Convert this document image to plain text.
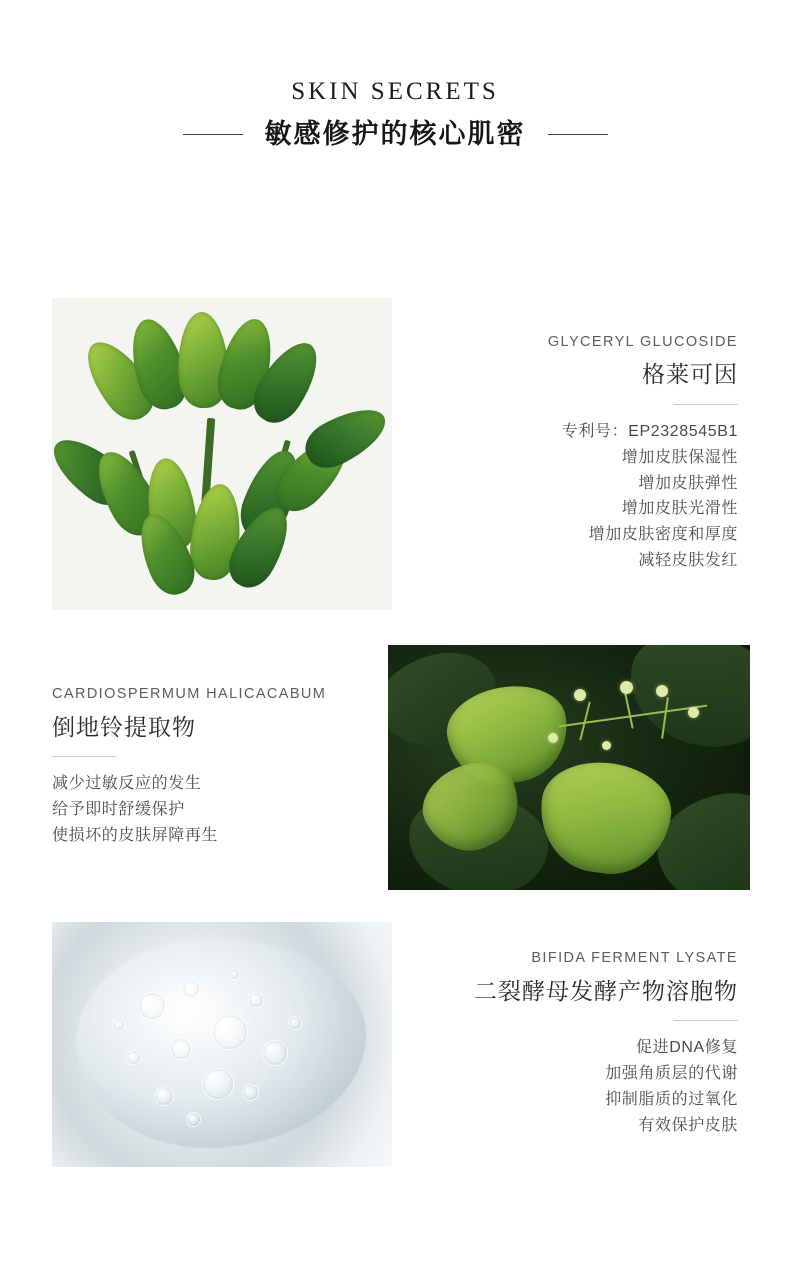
SKIN SECRETS
敏感修护的核心肌密
GLYCERYL GLUCOSIDE
格莱可因
专利号：EP2328545B1
增加皮肤保湿性
增加皮肤弹性
增加皮肤光滑性
增加皮肤密度和厚度
减轻皮肤发红
CARDIOSPERMUM HALICACABUM
倒地铃提取物
减少过敏反应的发生
给予即时舒缓保护
使损坏的皮肤屏障再生
BIFIDA FERMENT LYSATE
二裂酵母发酵产物溶胞物
促进DNA修复
加强角质层的代谢
抑制脂质的过氧化
有效保护皮肤
